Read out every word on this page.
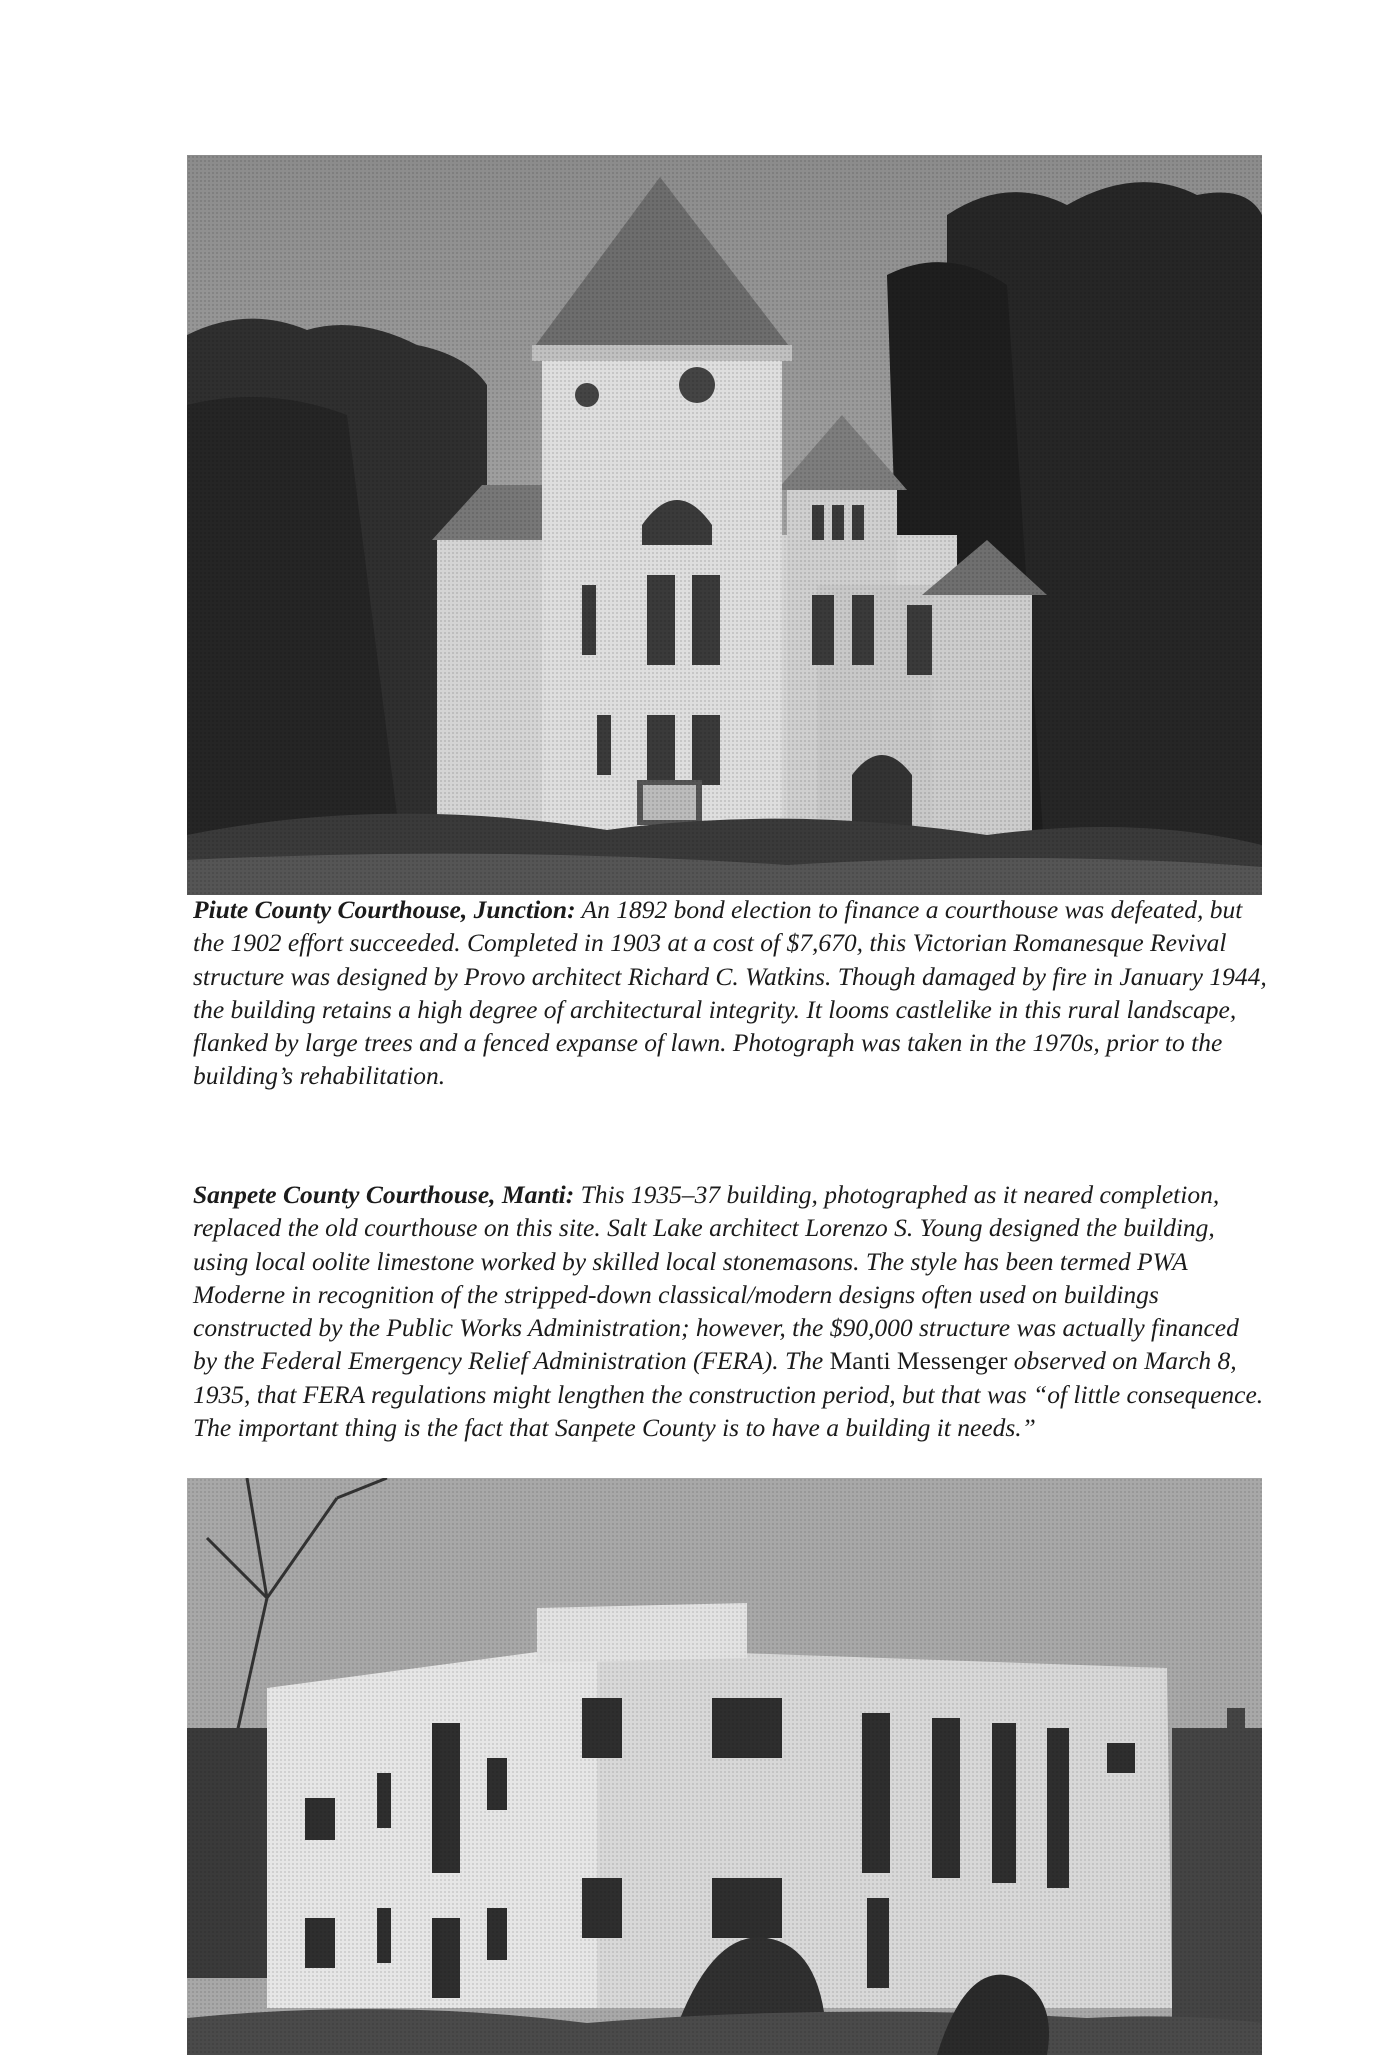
Piute County Courthouse, Junction: An 1892 bond election to finance a courthouse was defeated, but the 1902 effort succeeded. Completed in 1903 at a cost of $7,670, this Victorian Romanesque Revival structure was designed by Provo architect Richard C. Watkins. Though damaged by fire in January 1944, the building retains a high degree of architectural integrity. It looms castlelike in this rural landscape, flanked by large trees and a fenced expanse of lawn. Photograph was taken in the 1970s, prior to the building’s rehabilitation.

Sanpete County Courthouse, Manti: This 1935–37 building, photographed as it neared completion, replaced the old courthouse on this site. Salt Lake architect Lorenzo S. Young designed the building, using local oolite limestone worked by skilled local stonemasons. The style has been termed PWA Moderne in recognition of the stripped-down classical/modern designs often used on buildings constructed by the Public Works Administration; however, the $90,000 structure was actually financed by the Federal Emergency Relief Administration (FERA). The Manti Messenger observed on March 8, 1935, that FERA regulations might lengthen the construction period, but that was “of little consequence. The important thing is the fact that Sanpete County is to have a building it needs.”
